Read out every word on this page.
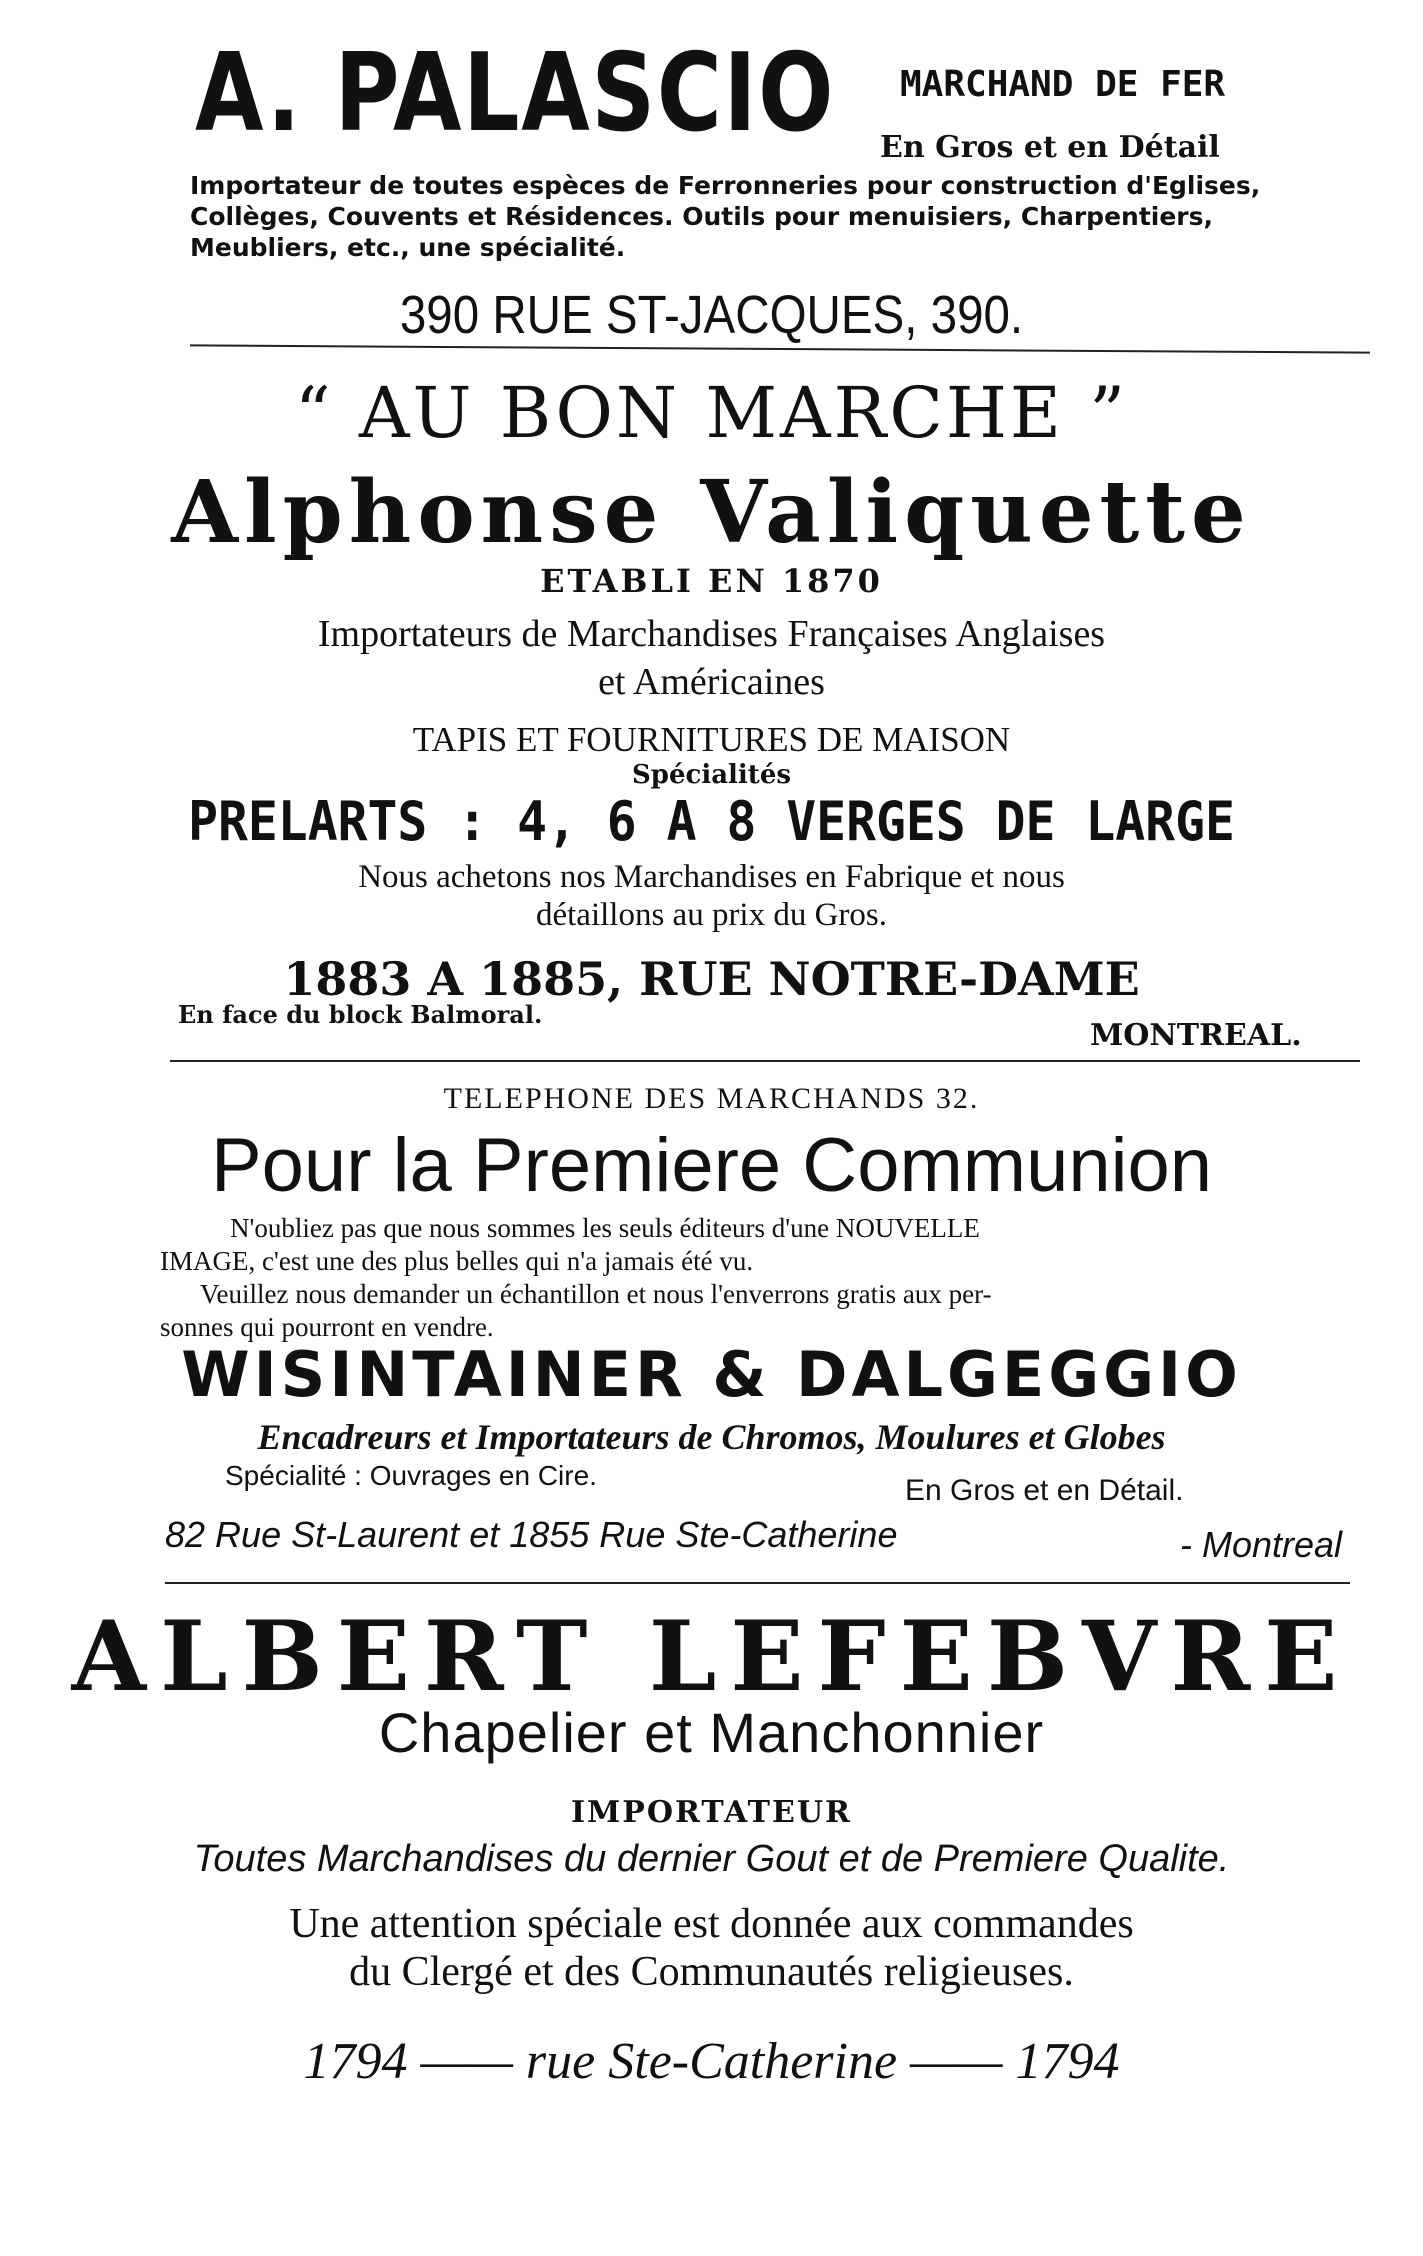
A. PALASCIO MARCHAND DE FER
En Gros et en Détail
Importateur de toutes espèces de Ferronneries pour construction d'Eglises,
Collèges, Couvents et Résidences. Outils pour menuisiers, Charpentiers,
Meubliers, etc., une spécialité.
390 RUE ST-JACQUES, 390.
“ AU BON MARCHE ”
Alphonse Valiquette
ETABLI EN 1870
Importateurs de Marchandises Françaises Anglaises
et Américaines
TAPIS ET FOURNITURES DE MAISON
Spécialités
PRELARTS : 4, 6 A 8 VERGES DE LARGE
Nous achetons nos Marchandises en Fabrique et nous
détaillons au prix du Gros.
1883 A 1885, RUE NOTRE-DAME
En face du block Balmoral.
MONTREAL.
TELEPHONE DES MARCHANDS 32.
Pour la Premiere Communion
N'oubliez pas que nous sommes les seuls éditeurs d'une NOUVELLE
IMAGE, c'est une des plus belles qui n'a jamais été vu.
Veuillez nous demander un échantillon et nous l'enverrons gratis aux per-
sonnes qui pourront en vendre.
WISINTAINER & DALGEGGIO
Encadreurs et Importateurs de Chromos, Moulures et Globes
Spécialité : Ouvrages en Cire.	En Gros et en Détail.
82 Rue St-Laurent et 1855 Rue Ste-Catherine	- Montreal
ALBERT LEFEBVRE
Chapelier et Manchonnier
IMPORTATEUR
Toutes Marchandises du dernier Gout et de Premiere Qualite.
Une attention spéciale est donnée aux commandes
du Clergé et des Communautés religieuses.
1794 —— rue Ste-Catherine —— 1794
